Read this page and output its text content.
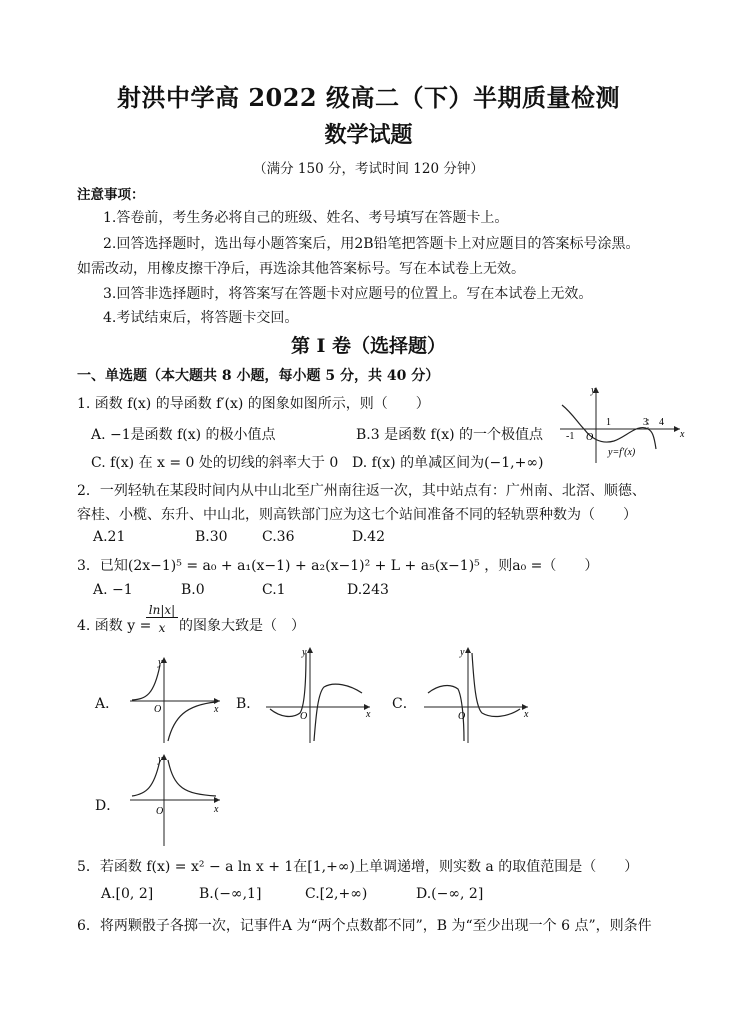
射洪中学高 2022 级高二（下）半期质量检测
数学试题
（满分 150 分，考试时间 120 分钟）
注意事项：
1.答卷前，考生务必将自己的班级、姓名、考号填写在答题卡上。
2.回答选择题时，选出每小题答案后，用2B铅笔把答题卡上对应题目的答案标号涂黑。
如需改动，用橡皮擦干净后，再选涂其他答案标号。写在本试卷上无效。
3.回答非选择题时，将答案写在答题卡对应题号的位置上。写在本试卷上无效。
4.考试结束后，将答题卡交回。
第 I 卷（选择题）
一、单选题（本大题共 8 小题，每小题 5 分，共 40 分）
1. 函数 f(x) 的导函数 f′(x) 的图象如图所示，则（　　）
A. −1是函数 f(x) 的极小值点	B.3 是函数 f(x) 的一个极值点
C. f(x) 在 x = 0 处的切线的斜率大于 0 D. f(x) 的单减区间为(−1,+∞)
y
x
O
-1
1	3 4
y=f′(x)
2．一列轻轨在某段时间内从中山北至广州南往返一次，其中站点有：广州南、北滘、顺德、
容桂、小榄、东升、中山北，则高铁部门应为这七个站间准备不同的轻轨票种数为（　　）
A.21	B.30 C.36	D.42
3．已知(2x−1)⁵ = a₀ + a₁(x−1) + a₂(x−1)² + L + a₅(x−1)⁵ ，则a₀ =（　　）
A. −1	B.0	C.1	D.243
4. 函数 y =
ln|x|
x 的图象大致是（　）
A．	B．	C．
D．
y
x
O
y
x
O
y
x
O
y
x
O
5．若函数 f(x) = x² − a ln x + 1在[1,+∞)上单调递增，则实数 a 的取值范围是（　　）
A.[0, 2]	B.(−∞,1]	C.[2,+∞)	D.(−∞, 2]
6．将两颗骰子各掷一次，记事件A 为“两个点数都不同”，B 为“至少出现一个 6 点”，则条件
